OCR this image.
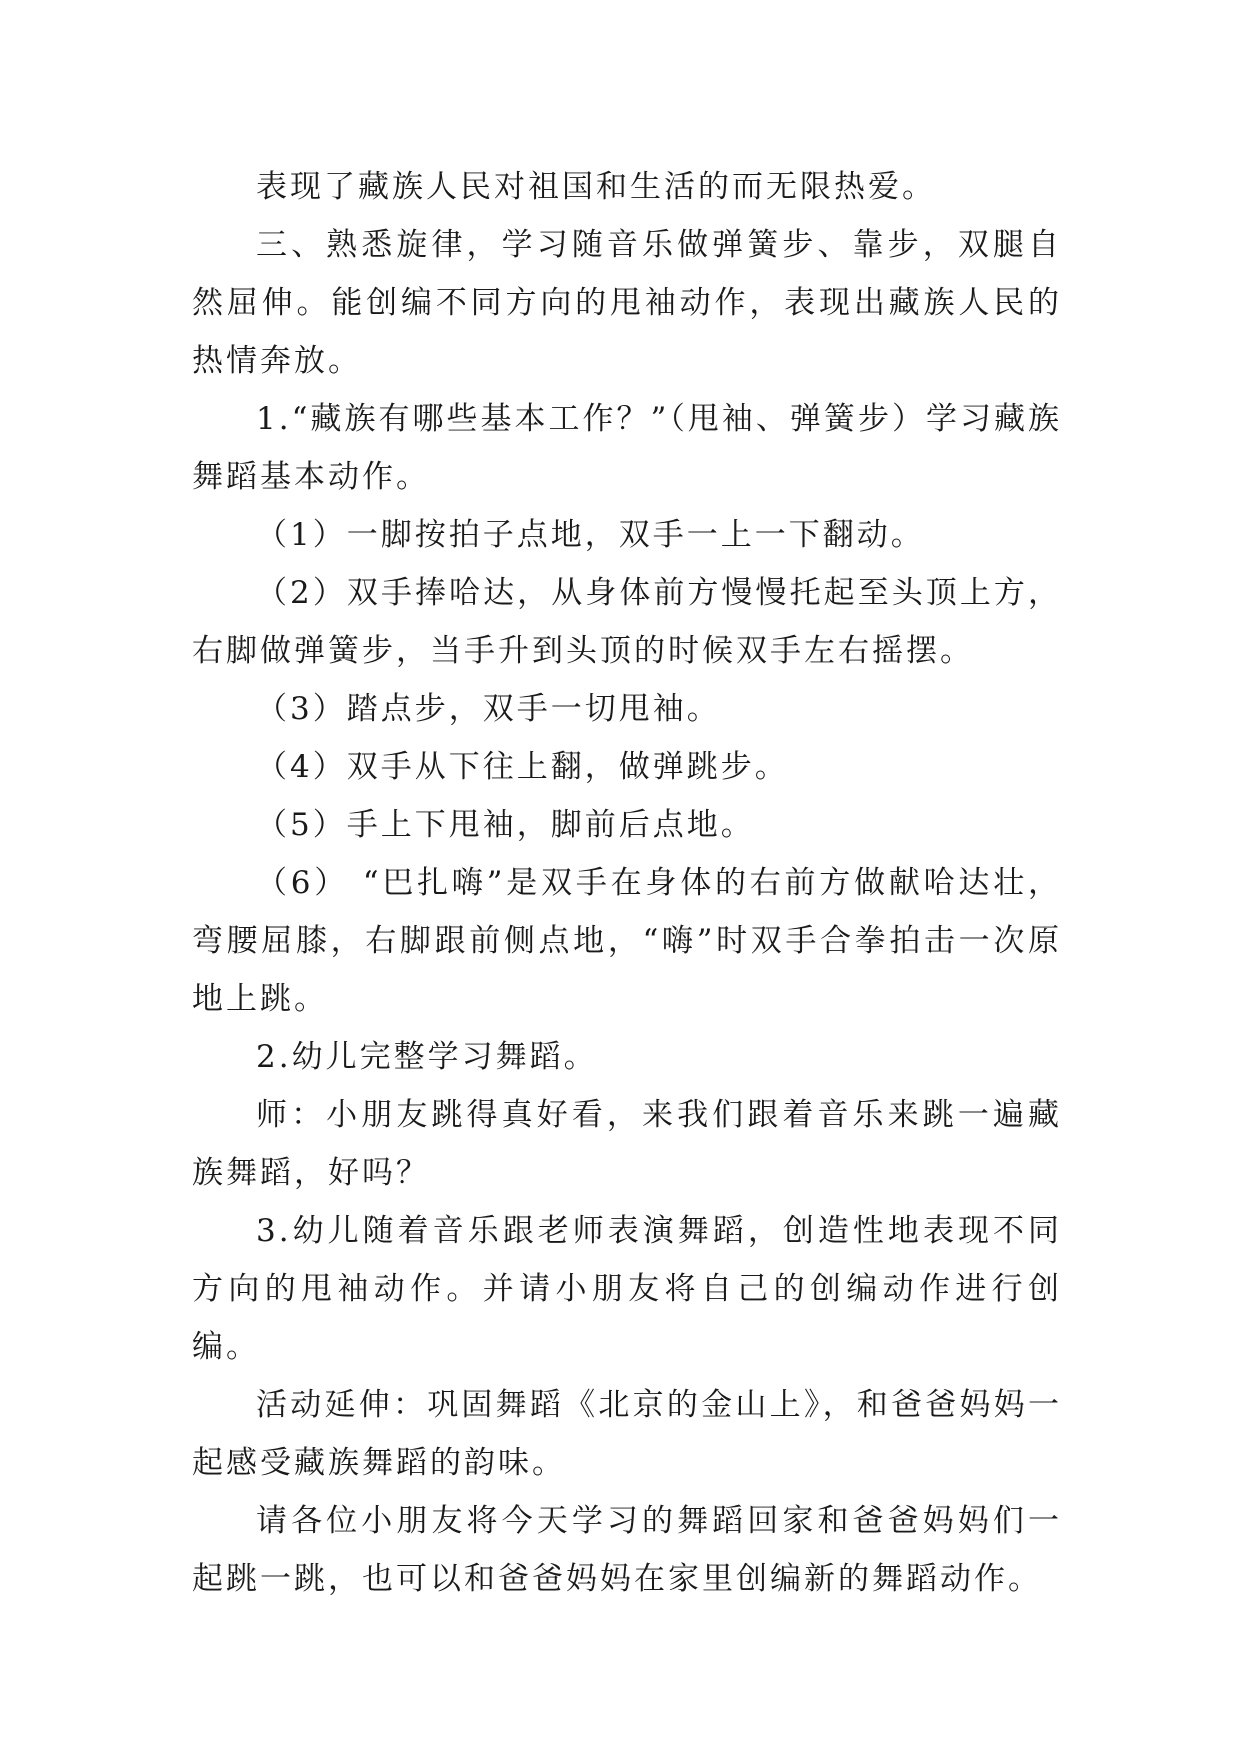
表现了藏族人民对祖国和生活的而无限热爱。

三、熟悉旋律，学习随音乐做弹簧步、靠步，双腿自然屈伸。能创编不同方向的甩袖动作，表现出藏族人民的热情奔放。

1.“藏族有哪些基本工作？”（甩袖、弹簧步）学习藏族舞蹈基本动作。

（1）一脚按拍子点地，双手一上一下翻动。

（2）双手捧哈达，从身体前方慢慢托起至头顶上方，右脚做弹簧步，当手升到头顶的时候双手左右摇摆。

（3）踏点步，双手一切甩袖。

（4）双手从下往上翻，做弹跳步。

（5）手上下甩袖，脚前后点地。

（6） “巴扎嗨”是双手在身体的右前方做献哈达壮，弯腰屈膝，右脚跟前侧点地，“嗨”时双手合拳拍击一次原地上跳。

2.幼儿完整学习舞蹈。

师：小朋友跳得真好看，来我们跟着音乐来跳一遍藏族舞蹈，好吗？

3.幼儿随着音乐跟老师表演舞蹈，创造性地表现不同方向的甩袖动作。并请小朋友将自己的创编动作进行创编。

活动延伸：巩固舞蹈《北京的金山上》，和爸爸妈妈一起感受藏族舞蹈的韵味。

请各位小朋友将今天学习的舞蹈回家和爸爸妈妈们一起跳一跳，也可以和爸爸妈妈在家里创编新的舞蹈动作。
